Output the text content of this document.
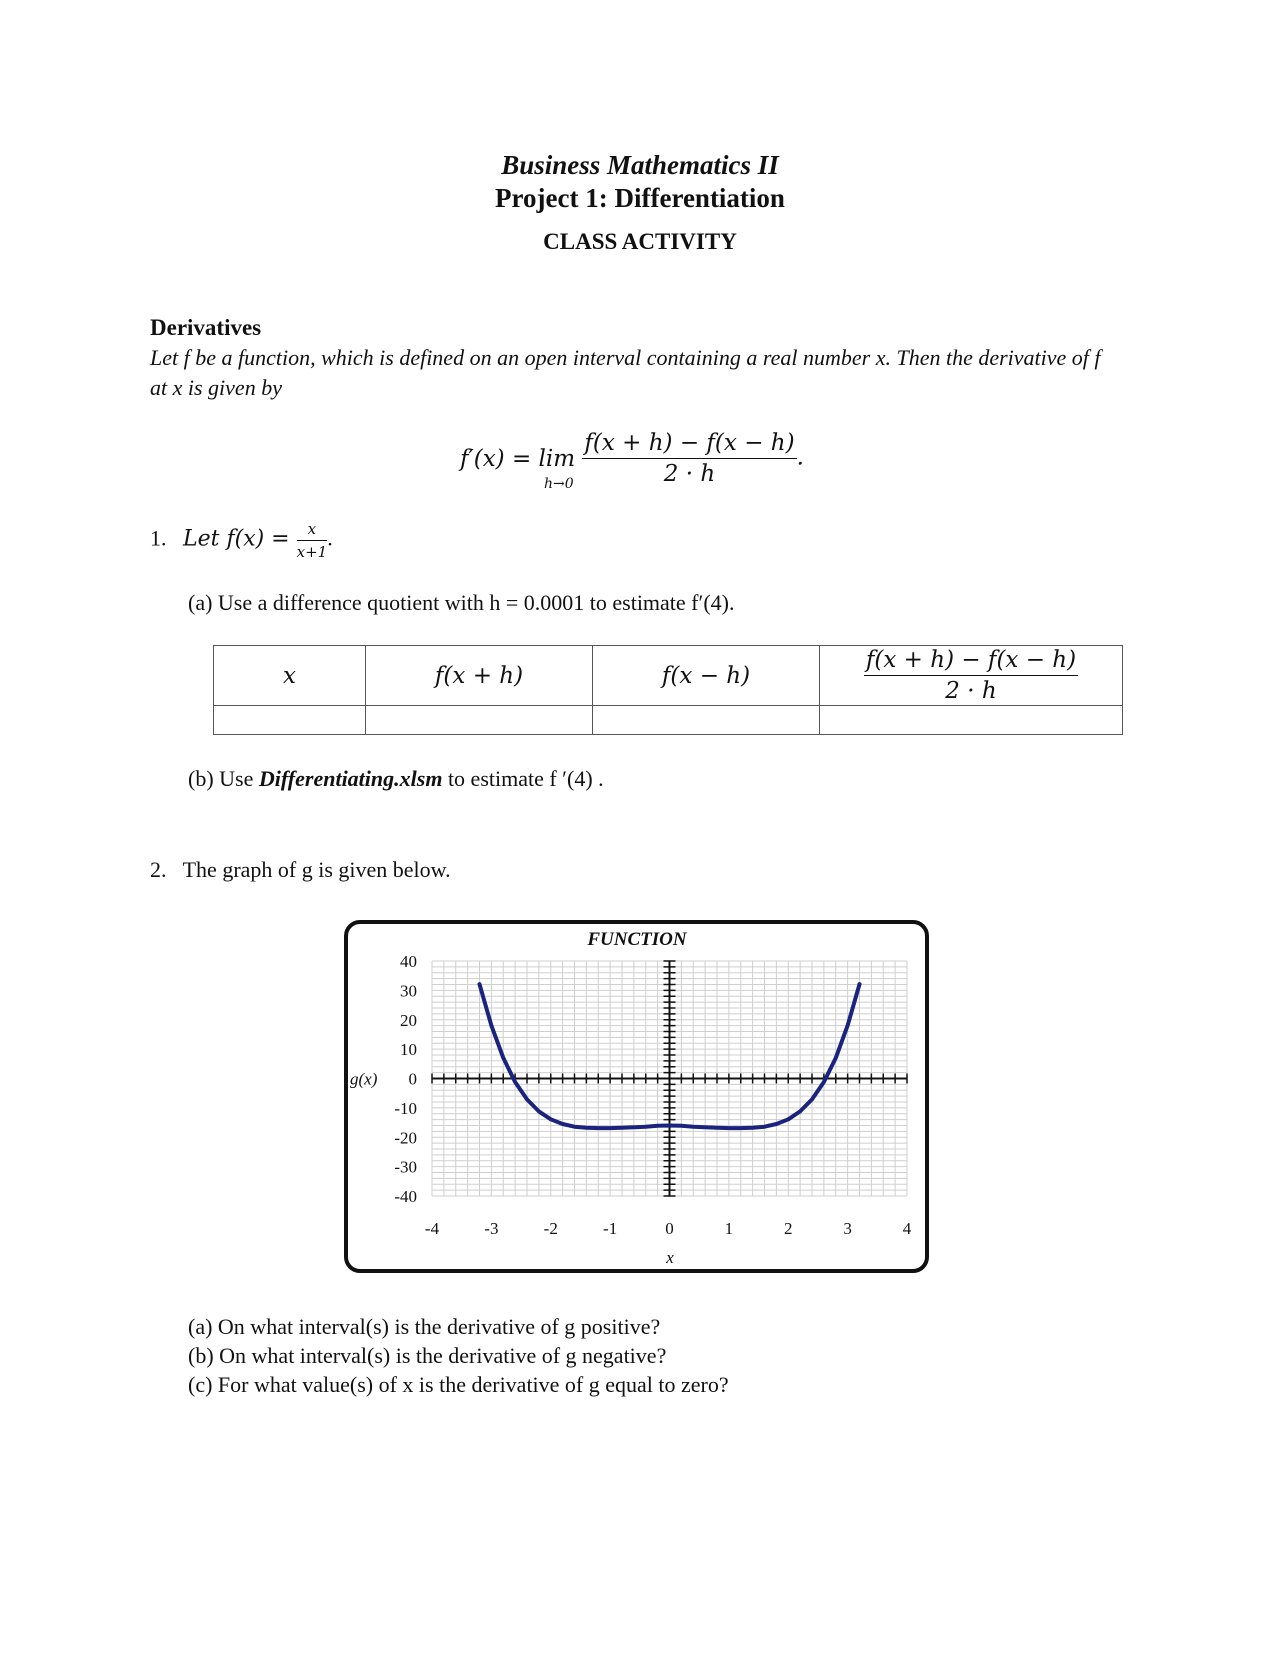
Business Mathematics II
Project 1: Differentiation
CLASS ACTIVITY
Derivatives
Let f be a function, which is defined on an open interval containing a real number x. Then the derivative of f at x is given by
f′(x) = lim
h→0
$\frac{f(x + h) - f(x - h)}{2 \cdot h}$ .
1. Let $f(x) = \frac{x}{x+1}$ .
(a) Use a difference quotient with h = 0.0001 to estimate f′(4).
x	f(x + h)	f(x − h)	$\frac{f(x + h) - f(x - h)}{2 \cdot h}$

(b) Use Differentiating.xlsm to estimate f ′(4) .
2. The graph of g is given below.
40
30
20
10
0
-10
-20
-30
-40
-4	-3	-2	-1	0	1	2	3	4
FUNCTION
x
g(x)
(a) On what interval(s) is the derivative of g positive?
(b) On what interval(s) is the derivative of g negative?
(c) For what value(s) of x is the derivative of g equal to zero?
